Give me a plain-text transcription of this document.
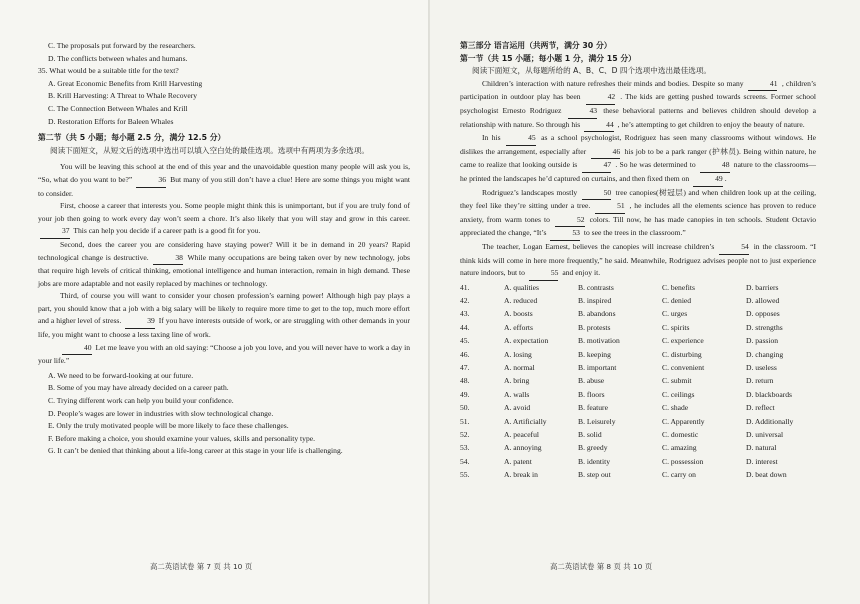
C. The proposals put forward by the researchers.
D. The conflicts between whales and humans.
35. What would be a suitable title for the text?
A. Great Economic Benefits from Krill Harvesting
B. Krill Harvesting: A Threat to Whale Recovery
C. The Connection Between Whales and Krill
D. Restoration Efforts for Baleen Whales
第二节（共 5 小题；每小题 2.5 分，满分 12.5 分）
阅读下面短文，从短文后的选项中选出可以填入空白处的最佳选项。选项中有两项为多余选项。
You will be leaving this school at the end of this year and the unavoidable question many people will ask you is, “So, what do you want to be?”	36 But many of you still don’t have a clue! Here are some things you might want to consider.
First, choose a career that interests you. Some people might think this is unimportant, but if you are truly fond of your job then going to work every day won’t seem a chore. It’s also likely that you will stay and grow in this career. 37 This can help you decide if a career path is a good fit for you.
Second, does the career you are considering have staying power? Will it be in demand in 20 years? Rapid technological change is destructive.	38 While many occupations are being taken over by new technology, jobs that require high levels of critical thinking, emotional intelligence and human interaction, remain in high demand. These jobs are more adaptable and not easily replaced by machines or technology.
Third, of course you will want to consider your chosen profession’s earning power! Although high pay plays a part, you should know that a job with a big salary will be likely to require more time to get to the top, much more effort and a higher level of stress.	39 If you have interests outside of work, or are struggling with other demands in your life, you might want to choose a less taxing line of work.
40 Let me leave you with an old saying: “Choose a job you love, and you will never have to work a day in your life.”
A. We need to be forward-looking at our future.
B. Some of you may have already decided on a career path.
C. Trying different work can help you build your confidence.
D. People’s wages are lower in industries with slow technological change.
E. Only the truly motivated people will be more likely to face these challenges.
F. Before making a choice, you should examine your values, skills and personality type.
G. It can’t be denied that thinking about a life-long career at this stage in your life is challenging.
高二英语试卷 第 7 页 共 10 页
第三部分 语言运用（共两节，满分 30 分）
第一节（共 15 小题；每小题 1 分，满分 15 分）
阅读下面短文，从每题所给的 A、B、C、D 四个选项中选出最佳选项。
Children’s interaction with nature refreshes their minds and bodies. Despite so many	41 , children’s participation in outdoor play has been	42 . The kids are getting pushed towards screens. Former school psychologist Ernesto Rodriguez	43 these behavioral patterns and believes children should develop a relationship with nature. So through his	44 , he’s attempting to get children to enjoy the beauty of nature.
In his	45 as a school psychologist, Rodriguez has seen many classrooms without windows. He dislikes the arrangement, especially after	46 his job to be a park ranger (护林员). Being within nature, he came to realize that looking outside is	47 . So he was determined to	48 nature to the classrooms—he printed the landscapes he’d captured on curtains, and then fixed them on	49 .
Rodriguez’s landscapes mostly	50 tree canopies(树冠层) and when children look up at the ceiling, they feel like they’re sitting under a tree.	51 , he includes all the elements science has proven to reduce anxiety, from warm tones to	52 colors. Till now, he has made canopies in ten schools. Student Octavio appreciated the change, “It’s	53 to see the trees in the classroom.”
The teacher, Logan Earnest, believes the canopies will increase children’s	54 in the classroom. “I think kids will come in here more frequently,” he said. Meanwhile, Rodriguez advises people not to just experience nature indoors, but to	55 and enjoy it.
41.	A. qualities	B. contrasts	C. benefits	D. barriers
42.	A. reduced	B. inspired	C. denied	D. allowed
43.	A. boosts	B. abandons	C. urges	D. opposes
44.	A. efforts	B. protests	C. spirits	D. strengths
45.	A. expectation	B. motivation	C. experience	D. passion
46.	A. losing	B. keeping	C. disturbing	D. changing
47.	A. normal	B. important	C. convenient	D. useless
48.	A. bring	B. abuse	C. submit	D. return
49.	A. walls	B. floors	C. ceilings	D. blackboards
50.	A. avoid	B. feature	C. shade	D. reflect
51.	A. Artificially	B. Leisurely	C. Apparently	D. Additionally
52.	A. peaceful	B. solid	C. domestic	D. universal
53.	A. annoying	B. greedy	C. amazing	D. natural
54.	A. patent	B. identity	C. possession	D. interest
55.	A. break in	B. step out	C. carry on	D. beat down
高二英语试卷 第 8 页 共 10 页
